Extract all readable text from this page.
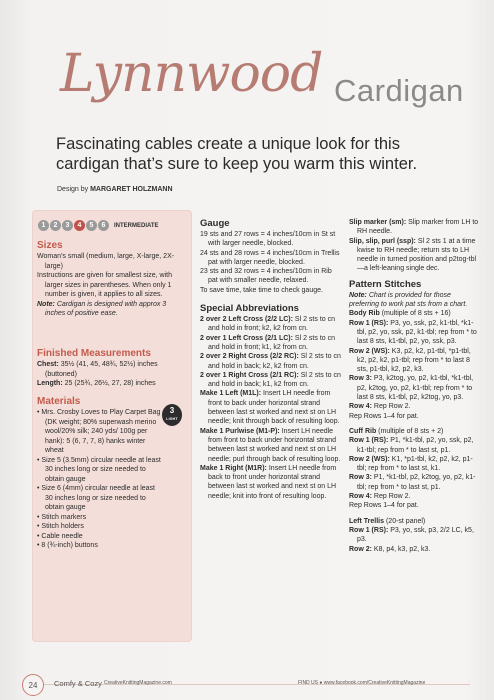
Lynnwood Cardigan
Fascinating cables create a unique look for this cardigan that’s sure to keep you warm this winter.
Design by MARGARET HOLZMANN
1	2	3	4	5	6	INTERMEDIATE

Sizes

Woman’s small (medium, large, X-large, 2X-large)

Instructions are given for smallest size, with larger sizes in parentheses. When only 1 number is given, it applies to all sizes.

Note: Cardigan is designed with approx 3 inches of positive ease.

Finished Measurements

Chest: 35½ (41, 45, 48¾, 52½) inches (buttoned)

Length: 25 (25¾, 26½, 27, 28) inches

Materials

• Mrs. Crosby Loves to Play Carpet Bag (DK weight; 80% superwash merino wool/20% silk; 240 yds/ 100g per hank): 5 (6, 7, 7, 8) hanks winter wheat

• Size 5 (3.5mm) circular needle at least 30 inches long or size needed to obtain gauge

• Size 6 (4mm) circular needle at least 30 inches long or size needed to obtain gauge

• Stitch markers

• Stitch holders

• Cable needle

• 8 (¾-inch) buttons

3
LIGHT

Gauge

19 sts and 27 rows = 4 inches/10cm in St st with larger needle, blocked.

24 sts and 28 rows = 4 inches/10cm in Trellis pat with larger needle, blocked.

23 sts and 32 rows = 4 inches/10cm in Rib pat with smaller needle, relaxed.

To save time, take time to check gauge.

Special Abbreviations

2 over 2 Left Cross (2/2 LC): Sl 2 sts to cn and hold in front; k2, k2 from cn.

2 over 1 Left Cross (2/1 LC): Sl 2 sts to cn and hold in front; k1, k2 from cn.

2 over 2 Right Cross (2/2 RC): Sl 2 sts to cn and hold in back; k2, k2 from cn.

2 over 1 Right Cross (2/1 RC): Sl 2 sts to cn and hold in back; k1, k2 from cn.

Make 1 Left (M1L): Insert LH needle from front to back under horizontal strand between last st worked and next st on LH needle; knit through back of resulting loop.

Make 1 Purlwise (M1-P): Insert LH needle from front to back under horizontal strand between last st worked and next st on LH needle; purl through back of resulting loop.

Make 1 Right (M1R): Insert LH needle from back to front under horizontal strand between last st worked and next st on LH needle; knit into front of resulting loop.

Slip marker (sm): Slip marker from LH to RH needle.

Slip, slip, purl (ssp): Sl 2 sts 1 at a time kwise to RH needle; return sts to LH needle in turned position and p2tog-tbl—a left-leaning single dec.

Pattern Stitches

Note: Chart is provided for those preferring to work pat sts from a chart.

Body Rib (multiple of 8 sts + 16)

Row 1 (RS): P3, yo, ssk, p2, k1-tbl, *k1-tbl, p2, yo, ssk, p2, k1-tbl; rep from * to last 8 sts, k1-tbl, p2, yo, ssk, p3.

Row 2 (WS): K3, p2, k2, p1-tbl, *p1-tbl, k2, p2, k2, p1-tbl; rep from * to last 8 sts, p1-tbl, k2, p2, k3.

Row 3: P3, k2tog, yo, p2, k1-tbl, *k1-tbl, p2, k2tog, yo, p2, k1-tbl; rep from * to last 8 sts, k1-tbl, p2, k2tog, yo, p3.

Row 4: Rep Row 2.

Rep Rows 1–4 for pat.

Cuff Rib (multiple of 8 sts + 2)

Row 1 (RS): P1, *k1-tbl, p2, yo, ssk, p2, k1-tbl; rep from * to last st, p1.

Row 2 (WS): K1, *p1-tbl, k2, p2, k2, p1-tbl; rep from * to last st, k1.

Row 3: P1, *k1-tbl, p2, k2tog, yo, p2, k1-tbl; rep from * to last st, p1.

Row 4: Rep Row 2.

Rep Rows 1–4 for pat.

Left Trellis (20-st panel)

Row 1 (RS): P3, yo, ssk, p3, 2/2 LC, k5, p3.

Row 2: K8, p4, k3, p2, k3.

24	Comfy & Cozy CreativeKnittingMagazine.com	FIND US ● www.facebook.com/CreativeKnittingMagazine
